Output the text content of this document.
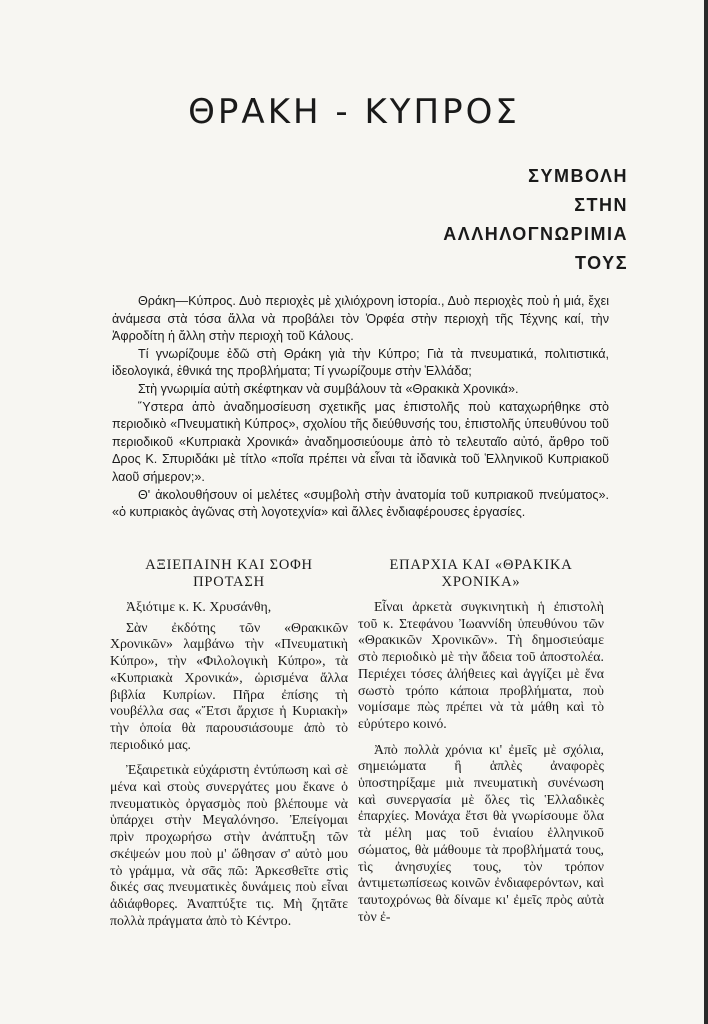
ΘΡΑΚΗ - ΚΥΠΡΟΣ
ΣΥΜΒΟΛΗ
ΣΤΗΝ
ΑΛΛΗΛΟΓΝΩΡΙΜΙΑ
ΤΟΥΣ

Θράκη—Κύπρος. Δυὸ περιοχὲς μὲ χιλιόχρονη ἱστορία., Δυὸ περιοχὲς ποὺ ἡ μιά, ἔχει ἀνάμεσα στὰ τόσα ἄλλα νὰ προβάλει τὸν Ὀρφέα στὴν περιοχὴ τῆς Τέχνης καί, τὴν Ἀφροδίτη ἡ ἄλλη στὴν περιοχὴ τοῦ Κάλους.

Τί γνωρίζουμε ἐδῶ στὴ Θράκη γιὰ τὴν Κύπρο; Γιὰ τὰ πνευματικά, πολιτιστικά, ἰδεολογικά, ἐθνικά της προβλήματα; Τί γνωρίζουμε στὴν Ἑλλάδα;

Στὴ γνωριμία αὐτὴ σκέφτηκαν νὰ συμβάλουν τὰ «Θρακικὰ Χρονικά».

Ὕστερα ἀπὸ ἀναδημοσίευση σχετικῆς μας ἐπιστολῆς ποὺ καταχωρήθηκε στὸ περιοδικὸ «Πνευματικὴ Κύπρος», σχολίου τῆς διεύθυνσής του, ἐπιστολῆς ὑπευθύνου τοῦ περιοδικοῦ «Κυπριακὰ Χρονικά» ἀναδημοσιεύουμε ἀπὸ τὸ τελευταῖο αὐτό, ἄρθρο τοῦ Δρος Κ. Σπυριδάκι μὲ τίτλο «ποῖα πρέπει νὰ εἶναι τὰ ἰδανικὰ τοῦ Ἑλληνικοῦ Κυπριακοῦ λαοῦ σήμερον;».

Θ' ἀκολουθήσουν οἱ μελέτες «συμβολὴ στὴν ἀνατομία τοῦ κυπριακοῦ πνεύματος». «ὁ κυπριακὸς ἀγῶνας στὴ λογοτεχνία» καὶ ἄλλες ἐνδιαφέρουσες ἐργασίες.

ΑΞΙΕΠΑΙΝΗ ΚΑΙ ΣΟΦΗ ΠΡΟΤΑΣΗ

Ἀξιότιμε κ. Κ. Χρυσάνθη,

Σὰν ἐκδότης τῶν «Θρακικῶν Χρονικῶν» λαμβάνω τὴν «Πνευματικὴ Κύπρο», τὴν «Φιλολογικὴ Κύπρο», τὰ «Κυπριακὰ Χρονικά», ὡρισμένα ἄλλα βιβλία Κυπρίων. Πῆρα ἐπίσης τὴ νουβέλλα σας «Ἔτσι ἄρχισε ἡ Κυριακὴ» τὴν ὁποία θὰ παρουσιάσουμε ἀπὸ τὸ περιοδικό μας.

Ἐξαιρετικὰ εὐχάριστη ἐντύπωση καὶ σὲ μένα καὶ στοὺς συνεργάτες μου ἔκανε ὁ πνευματικὸς ὀργασμὸς ποὺ βλέπουμε νὰ ὑπάρχει στὴν Μεγαλόνησο. Ἐπείγομαι πρὶν προχωρήσω στὴν ἀνάπτυξη τῶν σκέψεών μου ποὺ μ' ὤθησαν σ' αὐτὸ μου τὸ γράμμα, νὰ σᾶς πῶ: Ἀρκεσθεῖτε στὶς δικές σας πνευματικὲς δυνάμεις ποὺ εἶναι ἀδιάφθορες. Ἀναπτύξτε τις. Μὴ ζητᾶτε πολλὰ πράγματα ἀπὸ τὸ Κέντρο.

ΕΠΑΡΧΙΑ ΚΑΙ «ΘΡΑΚΙΚΑ ΧΡΟΝΙΚΑ»

Εἶναι ἀρκετὰ συγκινητικὴ ἡ ἐπιστολὴ τοῦ κ. Στεφάνου Ἰωαννίδη ὑπευθύνου τῶν «Θρακικῶν Χρονικῶν». Τὴ δημοσιεύαμε στὸ περιοδικὸ μὲ τὴν ἄδεια τοῦ ἀποστολέα. Περιέχει τόσες ἀλήθειες καὶ ἀγγίζει μὲ ἕνα σωστὸ τρόπο κάποια προβλήματα, ποὺ νομίσαμε πὼς πρέπει νὰ τὰ μάθη καὶ τὸ εὐρύτερο κοινό.

Ἀπὸ πολλὰ χρόνια κι' ἐμεῖς μὲ σχόλια, σημειώματα ἢ ἁπλὲς ἀναφορὲς ὑποστηρίξαμε μιὰ πνευματικὴ συνένωση καὶ συνεργασία μὲ ὅλες τὶς Ἑλλαδικὲς ἐπαρχίες. Μονάχα ἔτσι θὰ γνωρίσουμε ὅλα τὰ μέλη μας τοῦ ἑνιαίου ἑλληνικοῦ σώματος, θὰ μάθουμε τὰ προβλήματά τους, τὶς ἀνησυχίες τους, τὸν τρόπον ἀντιμετωπίσεως κοινῶν ἐνδιαφερόντων, καὶ ταυτοχρόνως θὰ δίναμε κι' ἐμεῖς πρὸς αὐτὰ τὸν ἐ-
